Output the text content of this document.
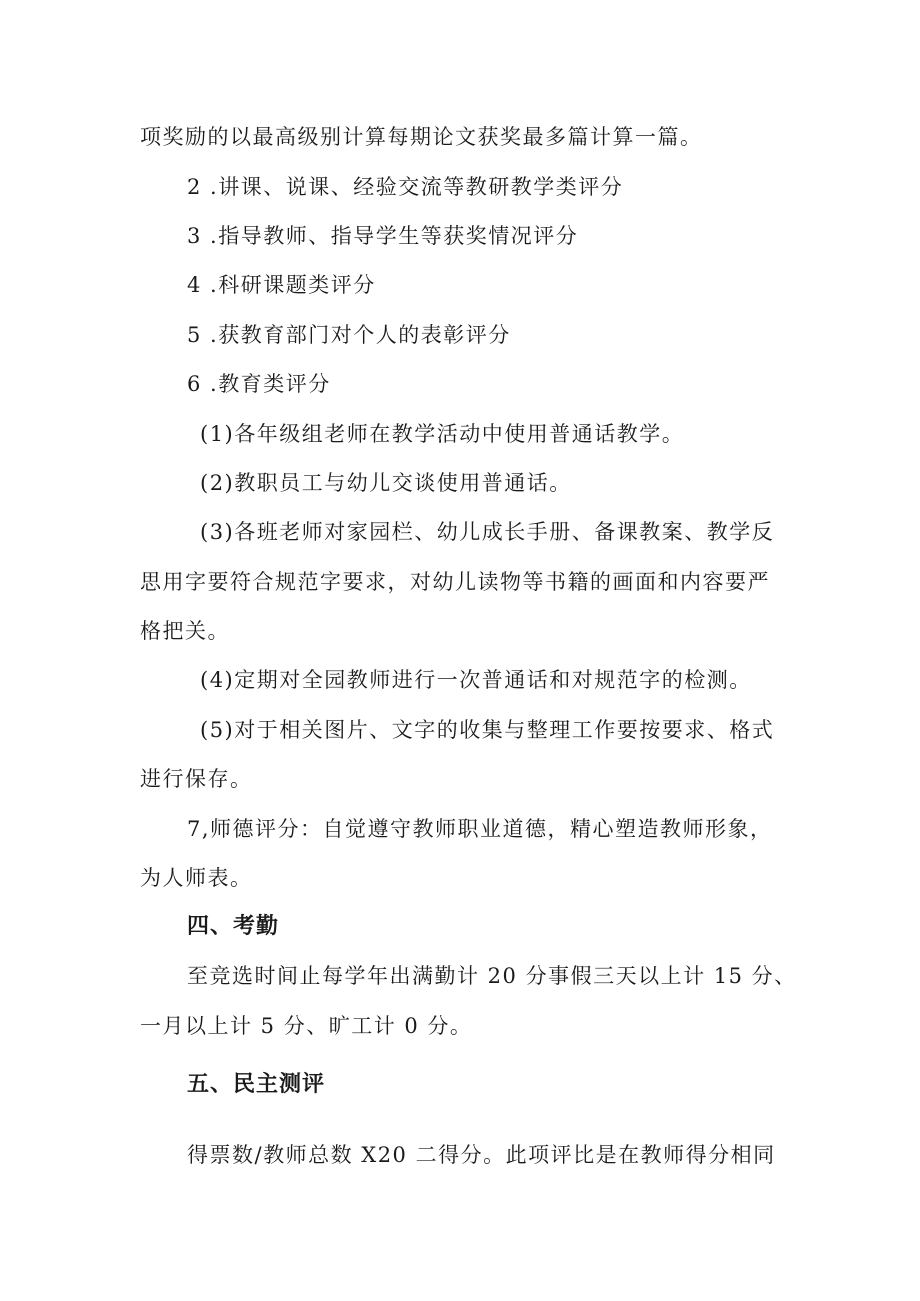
项奖励的以最高级别计算每期论文获奖最多篇计算一篇。
2 .讲课、说课、经验交流等教研教学类评分
3 .指导教师、指导学生等获奖情况评分
4 .科研课题类评分
5 .获教育部门对个人的表彰评分
6 .教育类评分
(1)各年级组老师在教学活动中使用普通话教学。
(2)教职员工与幼儿交谈使用普通话。
(3)各班老师对家园栏、幼儿成长手册、备课教案、教学反
思用字要符合规范字要求，对幼儿读物等书籍的画面和内容要严
格把关。
(4)定期对全园教师进行一次普通话和对规范字的检测。
(5)对于相关图片、文字的收集与整理工作要按要求、格式
进行保存。
7,师德评分：自觉遵守教师职业道德，精心塑造教师形象，
为人师表。
四、考勤
至竞选时间止每学年出满勤计 20 分事假三天以上计 15 分、
一月以上计 5 分、旷工计 0 分。
五、民主测评
得票数/教师总数 X20 二得分。此项评比是在教师得分相同
